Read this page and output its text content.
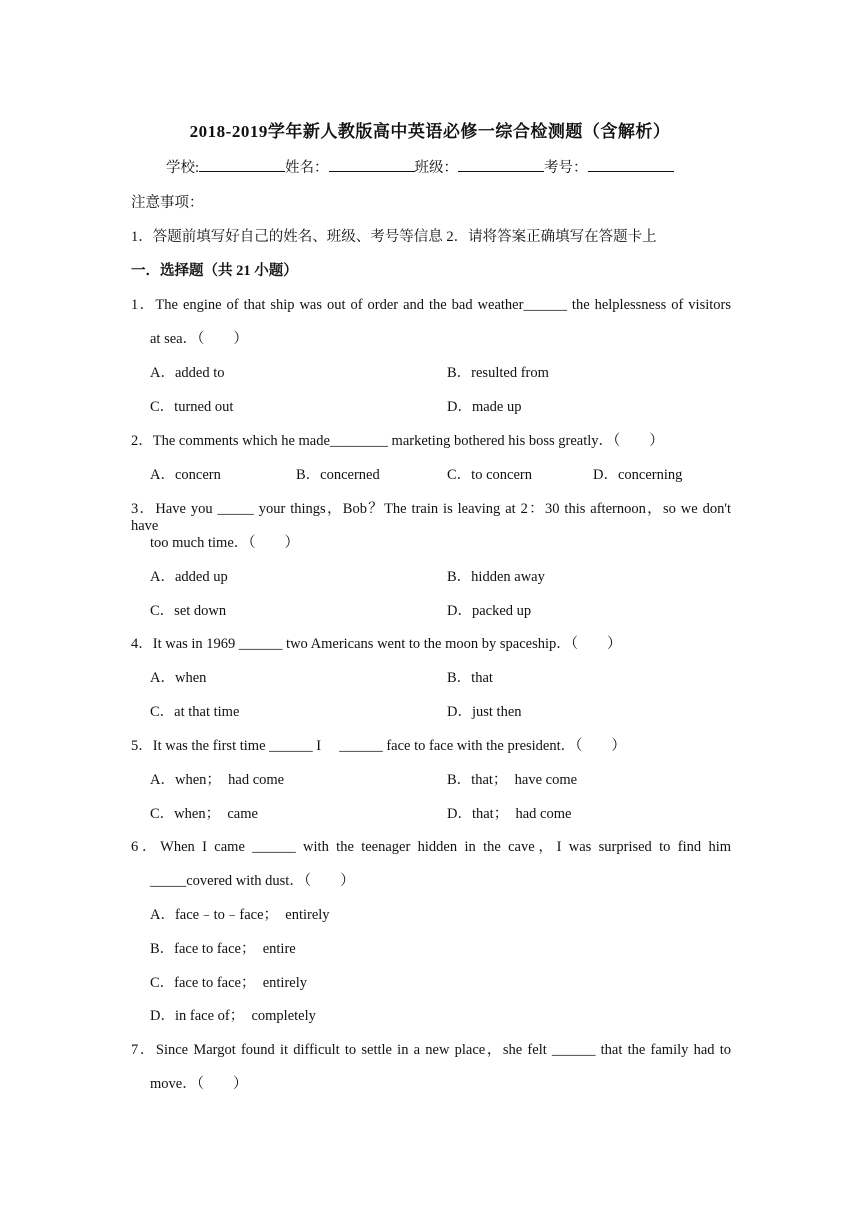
2018-2019学年新人教版高中英语必修一综合检测题（含解析）
学校:	姓名：	班级：	考号：
注意事项：
1．答题前填写好自己的姓名、班级、考号等信息 2．请将答案正确填写在答题卡上
一．选择题（共 21 小题）
1．The engine of that ship was out of order and the bad weather______ the helplessness of visitors
at sea．（　　）
A．added to	B．resulted from
C．turned out	D．made up
2．The comments which he made________ marketing bothered his boss greatly．（　　）
A．concern	B．concerned	C．to concern	D．concerning
3．Have you _____ your things，Bob？The train is leaving at 2：30 this afternoon，so we don't have
too much time．（　　）
A．added up	B．hidden away
C．set down	D．packed up
4．It was in 1969 ______ two Americans went to the moon by spaceship．（　　）
A．when	B．that
C．at that time	D．just then
5．It was the first time ______ I　 ______ face to face with the president．（　　）
A．when；　had come	B．that；　have come
C．when；　came	D．that；　had come
6．When I came ______ with the teenager hidden in the cave，I was surprised to find him
_____covered with dust．（　　）
A．face﹣to﹣face；　entirely
B．face to face；　entire
C．face to face；　entirely
D．in face of；　completely
7．Since Margot found it difficult to settle in a new place，she felt ______ that the family had to
move．（　　）
